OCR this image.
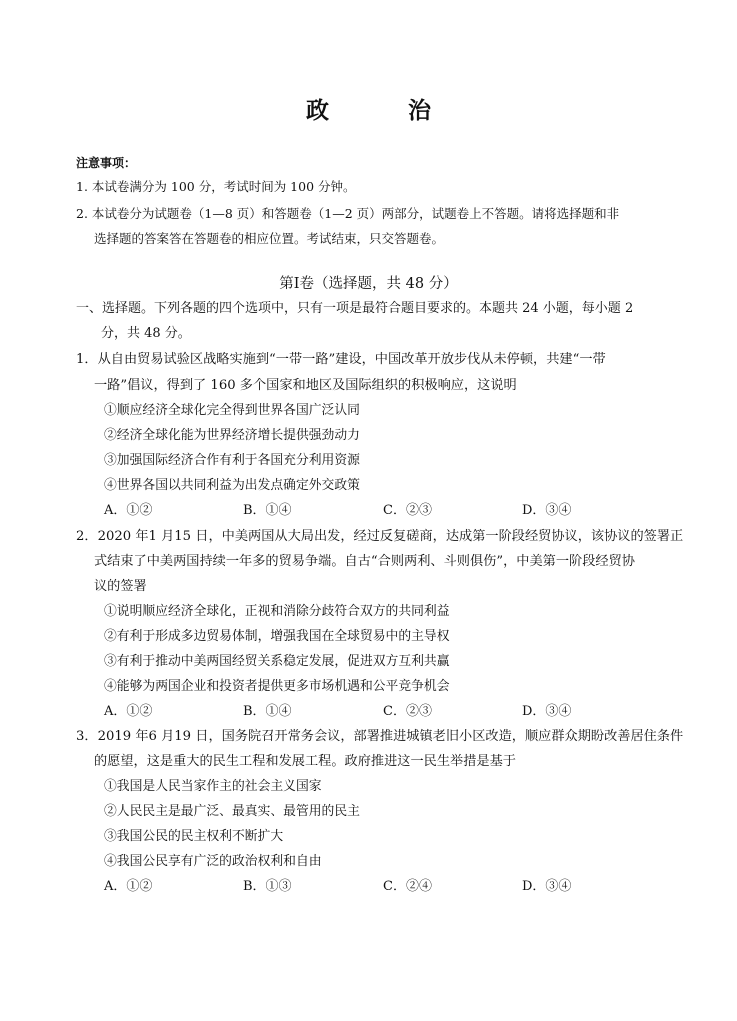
政　治
注意事项：
1. 本试卷满分为 100 分，考试时间为 100 分钟。
2. 本试卷分为试题卷（1—8 页）和答题卷（1—2 页）两部分，试题卷上不答题。请将选择题和非
选择题的答案答在答题卷的相应位置。考试结束，只交答题卷。
第Ⅰ卷（选择题，共 48 分）
一、选择题。下列各题的四个选项中，只有一项是最符合题目要求的。本题共 24 小题，每小题 2
分，共 48 分。
1．从自由贸易试验区战略实施到“一带一路”建设，中国改革开放步伐从未停顿，共建“一带
一路”倡议，得到了 160 多个国家和地区及国际组织的积极响应，这说明
①顺应经济全球化完全得到世界各国广泛认同
②经济全球化能为世界经济增长提供强劲动力
③加强国际经济合作有利于各国充分利用资源
④世界各国以共同利益为出发点确定外交政策
A．①②	B．①④	C．②③	D．③④
2．2020 年1 月15 日，中美两国从大局出发，经过反复磋商，达成第一阶段经贸协议，该协议的签署正
式结束了中美两国持续一年多的贸易争端。自古“合则两利、斗则俱伤”，中美第一阶段经贸协
议的签署
①说明顺应经济全球化，正视和消除分歧符合双方的共同利益
②有利于形成多边贸易体制，增强我国在全球贸易中的主导权
③有利于推动中美两国经贸关系稳定发展，促进双方互利共赢
④能够为两国企业和投资者提供更多市场机遇和公平竞争机会
A．①②	B．①④	C．②③	D．③④
3．2019 年6 月19 日，国务院召开常务会议，部署推进城镇老旧小区改造，顺应群众期盼改善居住条件
的愿望，这是重大的民生工程和发展工程。政府推进这一民生举措是基于
①我国是人民当家作主的社会主义国家
②人民民主是最广泛、最真实、最管用的民主
③我国公民的民主权利不断扩大
④我国公民享有广泛的政治权利和自由
A．①②	B．①③	C．②④	D．③④
